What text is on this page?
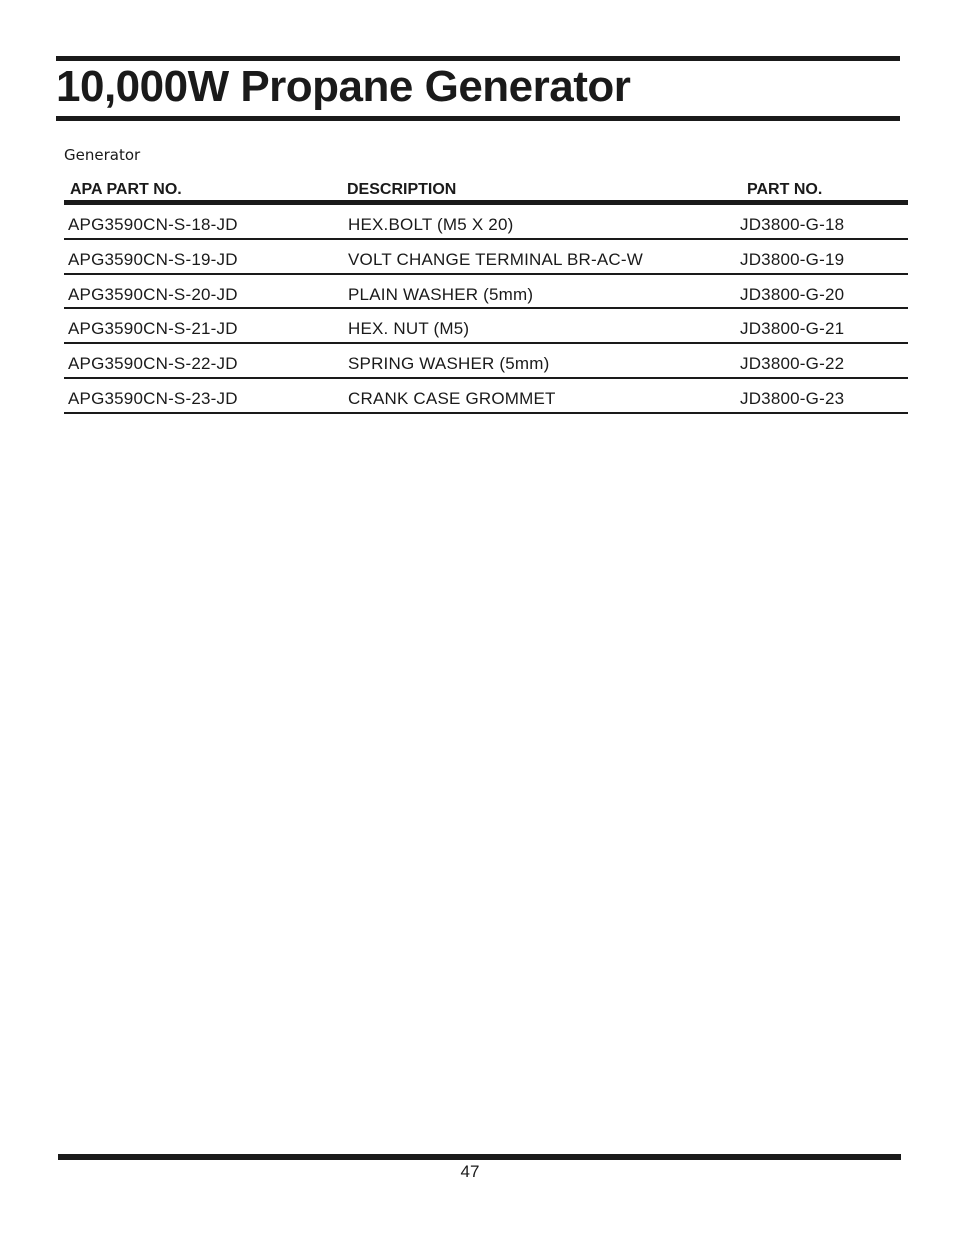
10,000W Propane Generator
Generator
APA PART NO.	DESCRIPTION	PART NO.
APG3590CN-S-18-JD	HEX.BOLT (M5 X 20)	JD3800-G-18
APG3590CN-S-19-JD	VOLT CHANGE TERMINAL BR-AC-W	JD3800-G-19
APG3590CN-S-20-JD	PLAIN WASHER (5mm)	JD3800-G-20
APG3590CN-S-21-JD	HEX. NUT (M5)	JD3800-G-21
APG3590CN-S-22-JD	SPRING WASHER (5mm)	JD3800-G-22
APG3590CN-S-23-JD	CRANK CASE GROMMET	JD3800-G-23
47
